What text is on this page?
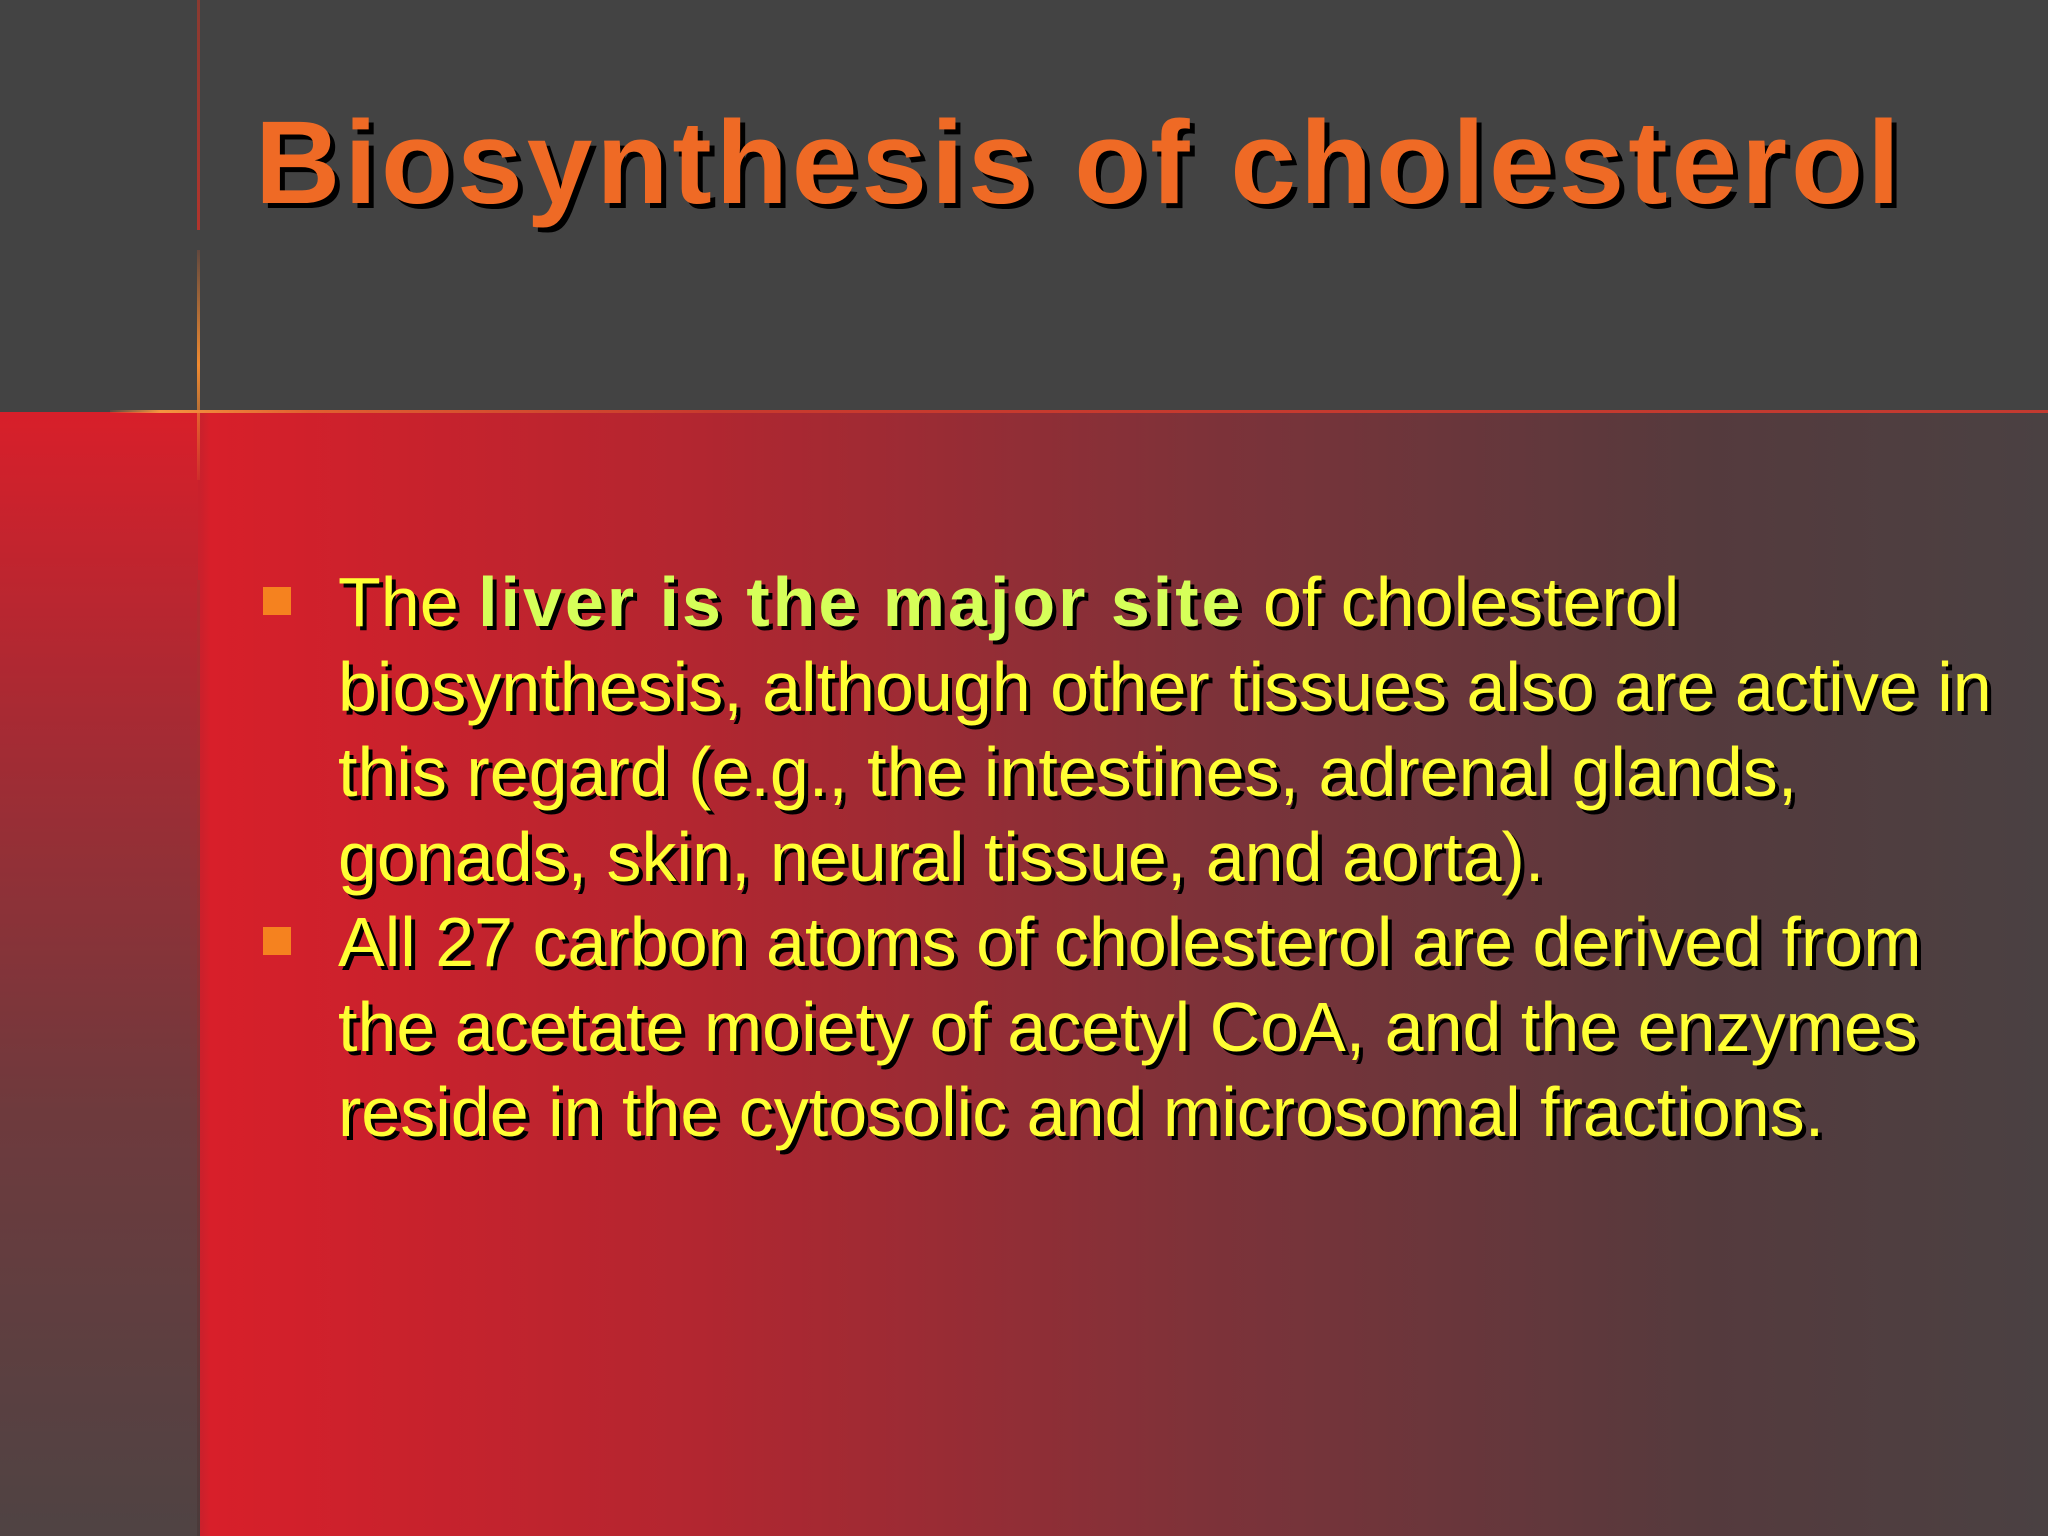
Biosynthesis of cholesterol
The liver is the major site of cholesterol biosynthesis, although other tissues also are active in this regard (e.g., the intestines, adrenal glands, gonads, skin, neural tissue, and aorta).
All 27 carbon atoms of cholesterol are derived from the acetate moiety of acetyl CoA, and the enzymes reside in the cytosolic and microsomal fractions.
